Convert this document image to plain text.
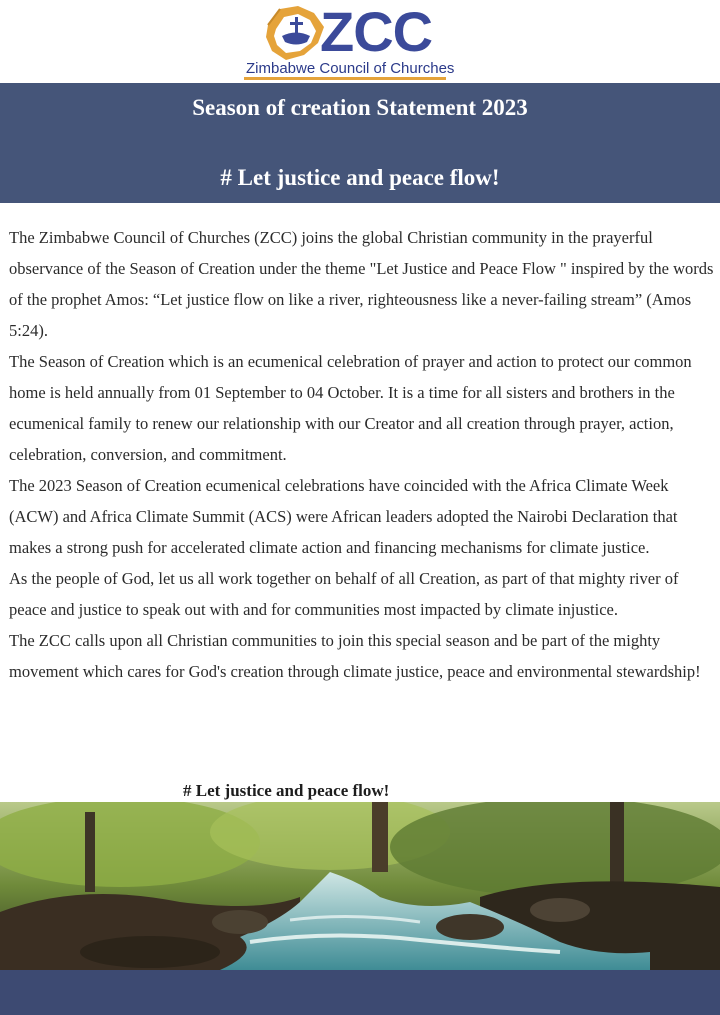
ZCC
Zimbabwe Council of Churches
Season of creation Statement 2023
# Let justice and peace flow!

The Zimbabwe Council of Churches (ZCC) joins the global Christian community in the prayerful observance of the Season of Creation under the theme "Let Justice and Peace Flow " inspired by the words of the prophet Amos: “Let justice flow on like a river, righteousness like a never-failing stream” (Amos 5:24).

The Season of Creation which is an ecumenical celebration of prayer and action to protect our common home is held annually from 01 September to 04 October. It is a time for all sisters and brothers in the ecumenical family to renew our relationship with our Creator and all creation through prayer, action, celebration, conversion, and commitment.

The 2023 Season of Creation ecumenical celebrations have coincided with the Africa Climate Week (ACW) and Africa Climate Summit (ACS) were African leaders adopted the Nairobi Declaration that makes a strong push for accelerated climate action and financing mechanisms for climate justice.

As the people of God, let us all work together on behalf of all Creation, as part of that mighty river of peace and justice to speak out with and for communities most impacted by climate injustice.

The ZCC calls upon all Christian communities to join this special season and be part of the mighty movement which cares for God's creation through climate justice, peace and environmental stewardship!

# Let justice and peace flow!
